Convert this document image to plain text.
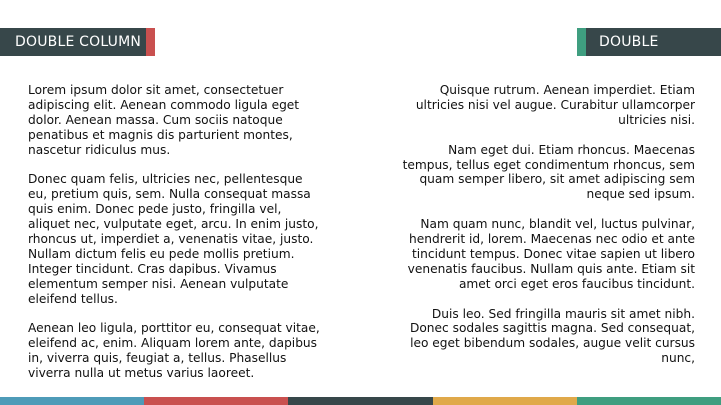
DOUBLE COLUMN	DOUBLE COLUMN

Lorem ipsum dolor sit amet, consectetuer adipiscing elit. Aenean commodo ligula eget dolor. Aenean massa. Cum sociis natoque penatibus et magnis dis parturient montes, nascetur ridiculus mus.

Donec quam felis, ultricies nec, pellentesque eu, pretium quis, sem. Nulla consequat massa quis enim. Donec pede justo, fringilla vel, aliquet nec, vulputate eget, arcu. In enim justo, rhoncus ut, imperdiet a, venenatis vitae, justo. Nullam dictum felis eu pede mollis pretium. Integer tincidunt. Cras dapibus. Vivamus elementum semper nisi. Aenean vulputate eleifend tellus.

Aenean leo ligula, porttitor eu, consequat vitae, eleifend ac, enim. Aliquam lorem ante, dapibus in, viverra quis, feugiat a, tellus. Phasellus viverra nulla ut metus varius laoreet.

Quisque rutrum. Aenean imperdiet. Etiam ultricies nisi vel augue. Curabitur ullamcorper ultricies nisi.

Nam eget dui. Etiam rhoncus. Maecenas tempus, tellus eget condimentum rhoncus, sem quam semper libero, sit amet adipiscing sem neque sed ipsum.

Nam quam nunc, blandit vel, luctus pulvinar, hendrerit id, lorem. Maecenas nec odio et ante tincidunt tempus. Donec vitae sapien ut libero venenatis faucibus. Nullam quis ante. Etiam sit amet orci eget eros faucibus tincidunt.

Duis leo. Sed fringilla mauris sit amet nibh. Donec sodales sagittis magna. Sed consequat, leo eget bibendum sodales, augue velit cursus nunc,
